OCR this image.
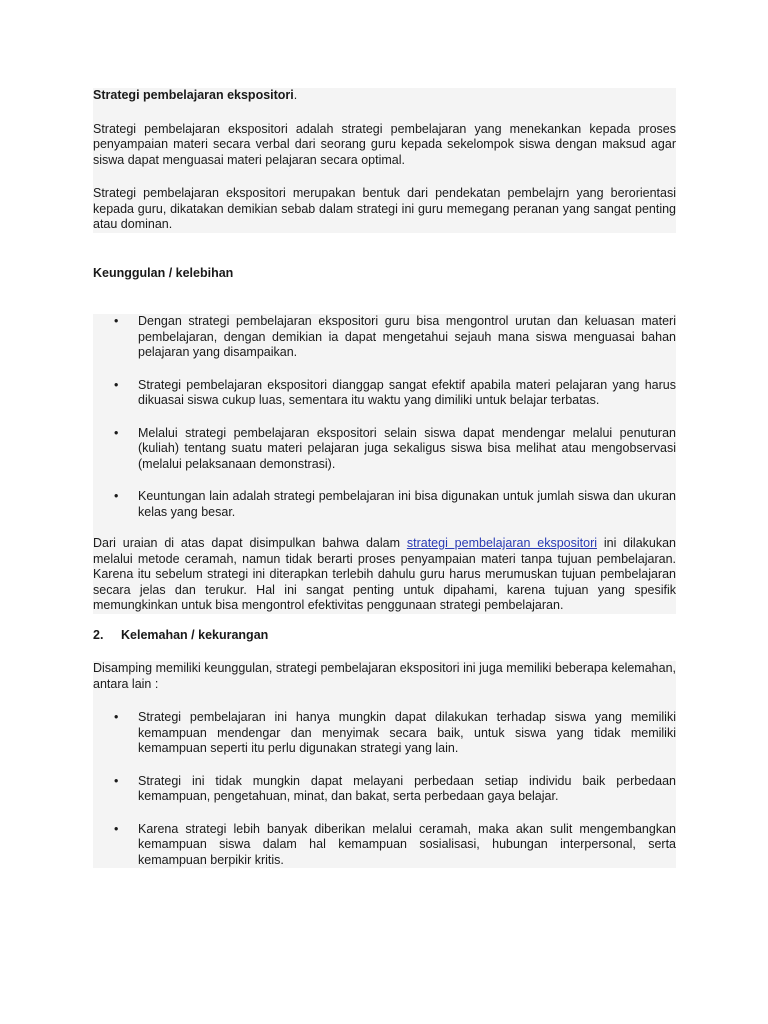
Strategi pembelajaran ekspositori.

Strategi pembelajaran ekspositori adalah strategi pembelajaran yang menekankan kepada proses penyampaian materi secara verbal dari seorang guru kepada sekelompok siswa dengan maksud agar siswa dapat menguasai materi pelajaran secara optimal.

Strategi pembelajaran ekspositori merupakan bentuk dari pendekatan pembelajrn yang berorientasi kepada guru, dikatakan demikian sebab dalam strategi ini guru memegang peranan yang sangat penting atau dominan.

Keunggulan / kelebihan

• Dengan strategi pembelajaran ekspositori guru bisa mengontrol urutan dan keluasan materi pembelajaran, dengan demikian ia dapat mengetahui sejauh mana siswa menguasai bahan pelajaran yang disampaikan.

• Strategi pembelajaran ekspositori dianggap sangat efektif apabila materi pelajaran yang harus dikuasai siswa cukup luas, sementara itu waktu yang dimiliki untuk belajar terbatas.

• Melalui strategi pembelajaran ekspositori selain siswa dapat mendengar melalui penuturan (kuliah) tentang suatu materi pelajaran juga sekaligus siswa bisa melihat atau mengobservasi (melalui pelaksanaan demonstrasi).

• Keuntungan lain adalah strategi pembelajaran ini bisa digunakan untuk jumlah siswa dan ukuran kelas yang besar.

Dari uraian di atas dapat disimpulkan bahwa dalam strategi pembelajaran ekspositori ini dilakukan melalui metode ceramah, namun tidak berarti proses penyampaian materi tanpa tujuan pembelajaran. Karena itu sebelum strategi ini diterapkan terlebih dahulu guru harus merumuskan tujuan pembelajaran secara jelas dan terukur. Hal ini sangat penting untuk dipahami, karena tujuan yang spesifik memungkinkan untuk bisa mengontrol efektivitas penggunaan strategi pembelajaran.

2. Kelemahan / kekurangan

Disamping memiliki keunggulan, strategi pembelajaran ekspositori ini juga memiliki beberapa kelemahan, antara lain :

• Strategi pembelajaran ini hanya mungkin dapat dilakukan terhadap siswa yang memiliki kemampuan mendengar dan menyimak secara baik, untuk siswa yang tidak memiliki kemampuan seperti itu perlu digunakan strategi yang lain.

• Strategi ini tidak mungkin dapat melayani perbedaan setiap individu baik perbedaan kemampuan, pengetahuan, minat, dan bakat, serta perbedaan gaya belajar.

• Karena strategi lebih banyak diberikan melalui ceramah, maka akan sulit mengembangkan kemampuan siswa dalam hal kemampuan sosialisasi, hubungan interpersonal, serta kemampuan berpikir kritis.
